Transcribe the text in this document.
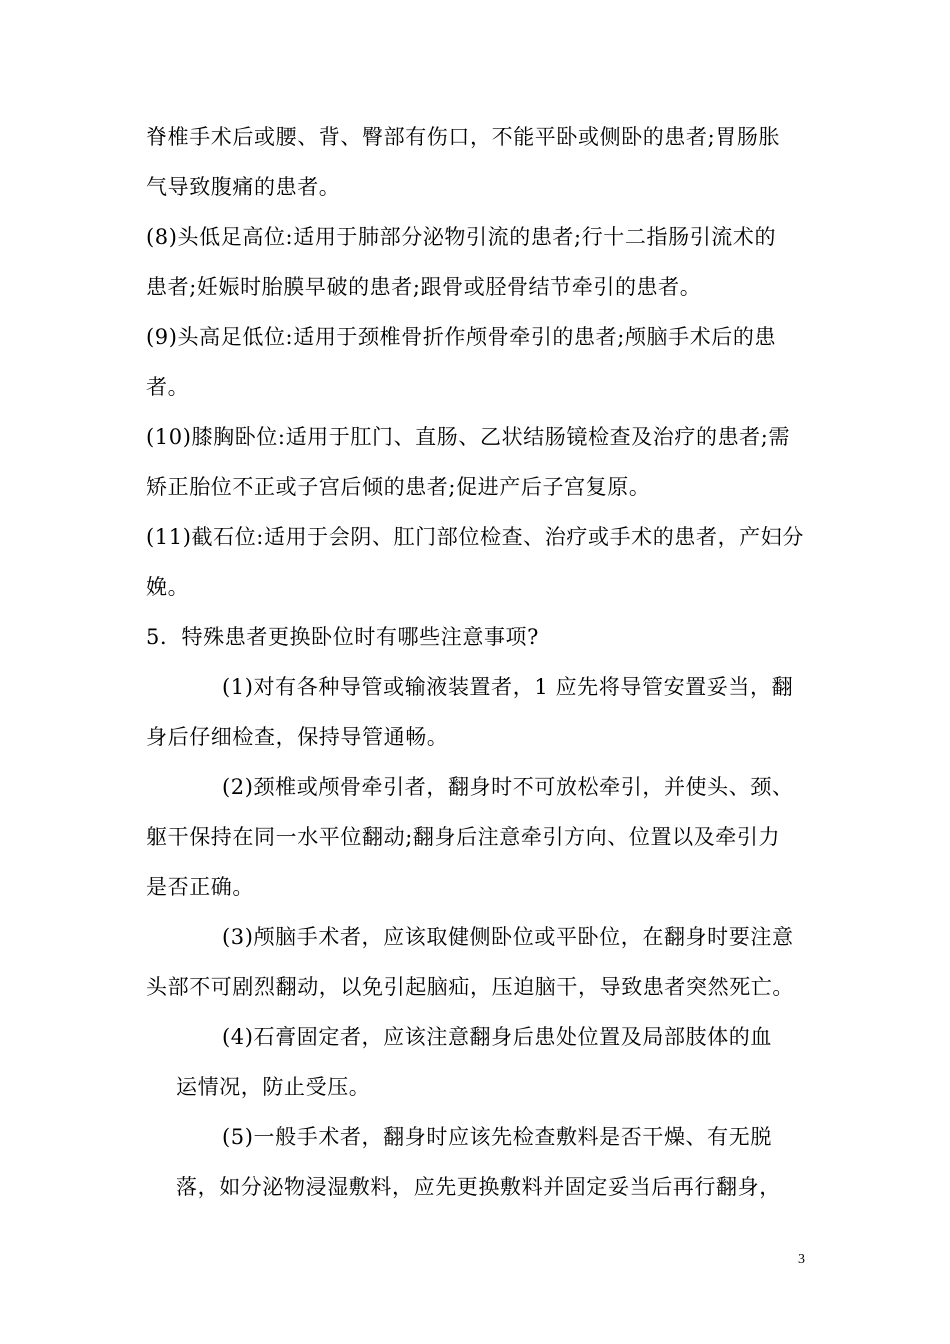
脊椎手术后或腰、背、臀部有伤口，不能平卧或侧卧的患者;胃肠胀
气导致腹痛的患者。
(8)头低足高位:适用于肺部分泌物引流的患者;行十二指肠引流术的
患者;妊娠时胎膜早破的患者;跟骨或胫骨结节牵引的患者。
(9)头高足低位:适用于颈椎骨折作颅骨牵引的患者;颅脑手术后的患
者。
(10)膝胸卧位:适用于肛门、直肠、乙状结肠镜检查及治疗的患者;需
矫正胎位不正或子宫后倾的患者;促进产后子宫复原。
(11)截石位:适用于会阴、肛门部位检查、治疗或手术的患者，产妇分
娩。
5．特殊患者更换卧位时有哪些注意事项?
(1)对有各种导管或输液装置者，1 应先将导管安置妥当，翻
身后仔细检查，保持导管通畅。
(2)颈椎或颅骨牵引者，翻身时不可放松牵引，并使头、颈、
躯干保持在同一水平位翻动;翻身后注意牵引方向、位置以及牵引力
是否正确。
(3)颅脑手术者，应该取健侧卧位或平卧位，在翻身时要注意
头部不可剧烈翻动，以免引起脑疝，压迫脑干，导致患者突然死亡。
(4)石膏固定者，应该注意翻身后患处位置及局部肢体的血
运情况，防止受压。
(5)一般手术者，翻身时应该先检查敷料是否干燥、有无脱
落，如分泌物浸湿敷料，应先更换敷料并固定妥当后再行翻身，
3
